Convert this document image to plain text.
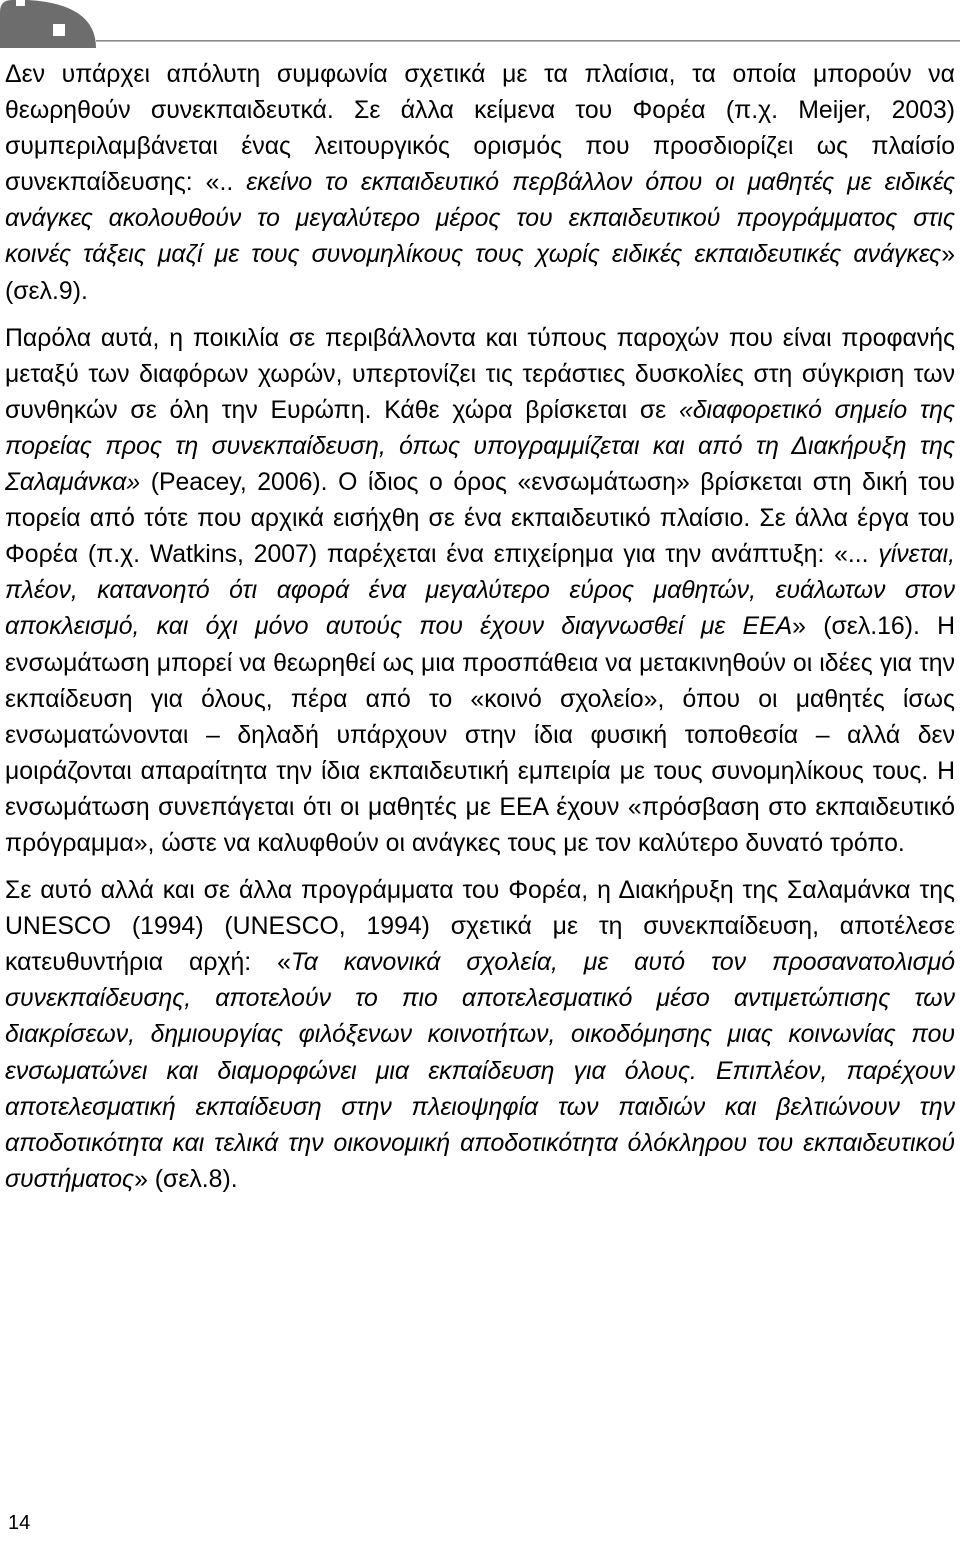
Δεν υπάρχει απόλυτη συμφωνία σχετικά με τα πλαίσια, τα οποία μπορούν να θεωρηθούν συνεκπαιδευτκά. Σε άλλα κείμενα του Φορέα (π.χ. Meijer, 2003) συμπεριλαμβάνεται ένας λειτουργικός ορισμός που προσδιορίζει ως πλαίσίο συνεκπαίδευσης: «.. εκείνο το εκπαιδευτικό περβάλλον όπου οι μαθητές με ειδικές ανάγκες ακολουθούν το μεγαλύτερο μέρος του εκπαιδευτικού προγράμματος στις κοινές τάξεις μαζί με τους συνομηλίκους τους χωρίς ειδικές εκπαιδευτικές ανάγκες» (σελ.9).

Παρόλα αυτά, η ποικιλία σε περιβάλλοντα και τύπους παροχών που είναι προφανής μεταξύ των διαφόρων χωρών, υπερτονίζει τις τεράστιες δυσκολίες στη σύγκριση των συνθηκών σε όλη την Ευρώπη. Κάθε χώρα βρίσκεται σε «διαφορετικό σημείο της πορείας προς τη συνεκπαίδευση, όπως υπογραμμίζεται και από τη Διακήρυξη της Σαλαμάνκα» (Peacey, 2006). Ο ίδιος ο όρος «ενσωμάτωση» βρίσκεται στη δική του πορεία από τότε που αρχικά εισήχθη σε ένα εκπαιδευτικό πλαίσιο. Σε άλλα έργα του Φορέα (π.χ. Watkins, 2007) παρέχεται ένα επιχείρημα για την ανάπτυξη: «... γίνεται, πλέον, κατανοητό ότι αφορά ένα μεγαλύτερο εύρος μαθητών, ευάλωτων στον αποκλεισμό, και όχι μόνο αυτούς που έχουν διαγνωσθεί με ΕΕΑ» (σελ.16). Η ενσωμάτωση μπορεί να θεωρηθεί ως μια προσπάθεια να μετακινηθούν οι ιδέες για την εκπαίδευση για όλους, πέρα από το «κοινό σχολείο», όπου οι μαθητές ίσως ενσωματώνονται – δηλαδή υπάρχουν στην ίδια φυσική τοποθεσία – αλλά δεν μοιράζονται απαραίτητα την ίδια εκπαιδευτική εμπειρία με τους συνομηλίκους τους. Η ενσωμάτωση συνεπάγεται ότι οι μαθητές με ΕΕΑ έχουν «πρόσβαση στο εκπαιδευτικό πρόγραμμα», ώστε να καλυφθούν οι ανάγκες τους με τον καλύτερο δυνατό τρόπο.

Σε αυτό αλλά και σε άλλα προγράμματα του Φορέα, η Διακήρυξη της Σαλαμάνκα της UNESCO (1994) (UNESCO, 1994) σχετικά με τη συνεκπαίδευση, αποτέλεσε κατευθυντήρια αρχή: «Τα κανονικά σχολεία, με αυτό τον προσανατολισμό συνεκπαίδευσης, αποτελούν το πιο αποτελεσματικό μέσο αντιμετώπισης των διακρίσεων, δημιουργίας φιλόξενων κοινοτήτων, οικοδόμησης μιας κοινωνίας που ενσωματώνει και διαμορφώνει μια εκπαίδευση για όλους. Επιπλέον, παρέχουν αποτελεσματική εκπαίδευση στην πλειοψηφία των παιδιών και βελτιώνουν την αποδοτικότητα και τελικά την οικονομική αποδοτικότητα όλόκληρου του εκπαιδευτικού συστήματος» (σελ.8).

14
